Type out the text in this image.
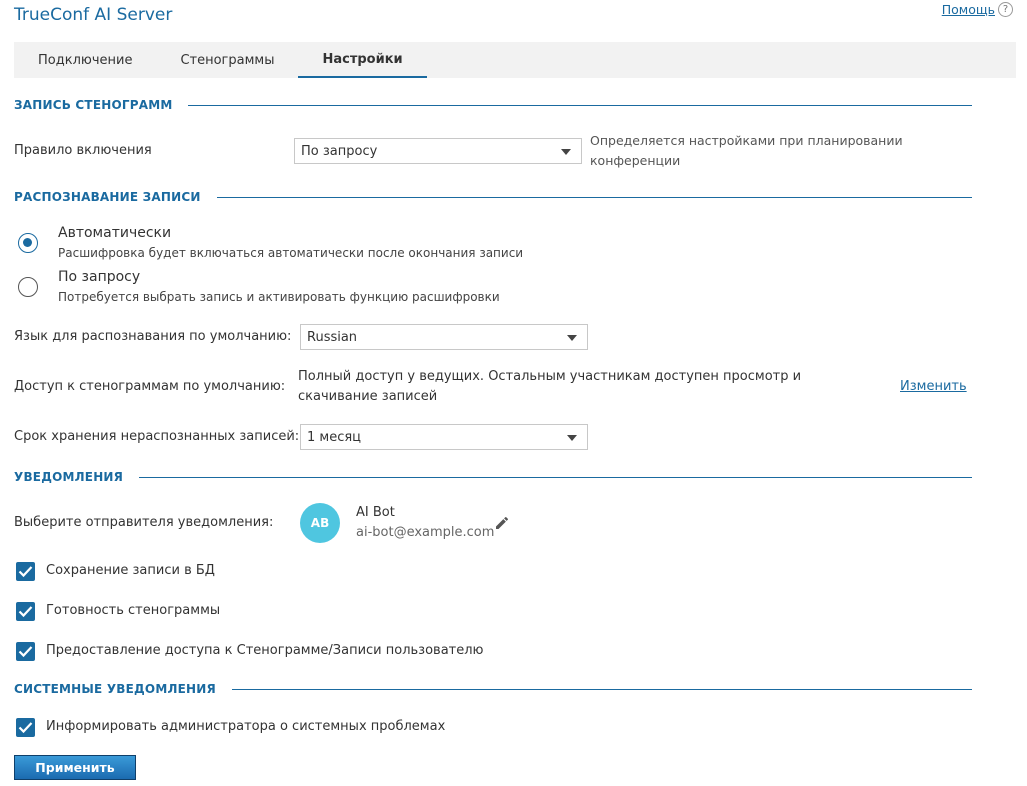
TrueConf AI Server	Помощь ?
Подключение	Стенограммы	Настройки
ЗАПИСЬ СТЕНОГРАММ
Правило включения	По запросу
Определяется настройками при планировании конференции
РАСПОЗНАВАНИЕ ЗАПИСИ
Автоматически
Расшифровка будет включаться автоматически после окончания записи
По запросу
Потребуется выбрать запись и активировать функцию расшифровки
Язык для распознавания по умолчанию: Russian
Доступ к стенограммам по умолчанию:
Полный доступ у ведущих. Остальным участникам доступен просмотр и скачивание записей
Изменить
Срок хранения нераспознанных записей: 1 месяц
УВЕДОМЛЕНИЯ
Выберите отправителя уведомления:	AB
AI Bot
ai-bot@example.com
Сохранение записи в БД
Готовность стенограммы
Предоставление доступа к Стенограмме/Записи пользователю
СИСТЕМНЫЕ УВЕДОМЛЕНИЯ
Информировать администратора о системных проблемах
Применить
